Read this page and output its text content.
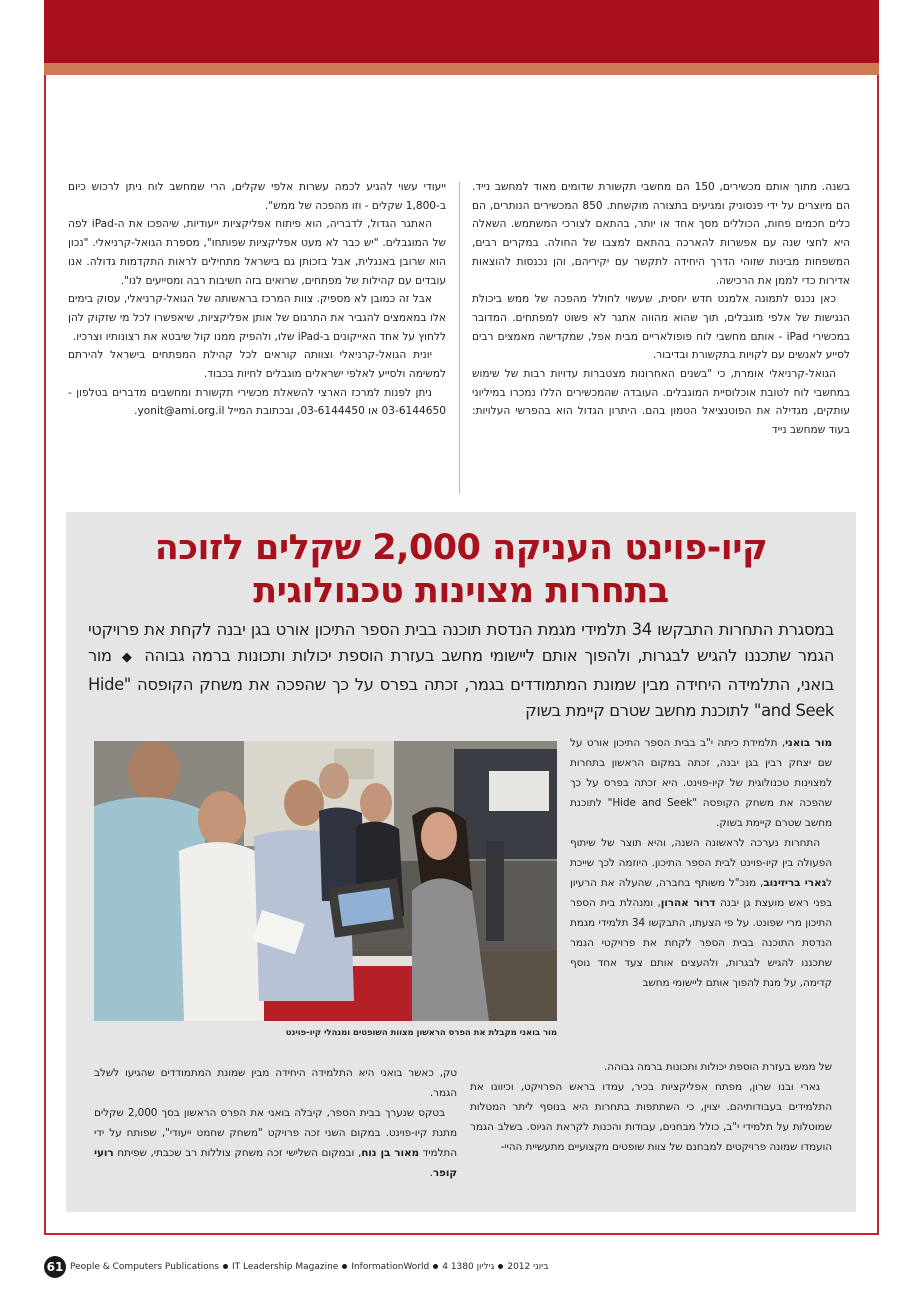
בשנה. מתוך אותם מכשירים, 150 הם מחשבי תקשורת שדומים מאוד למחשב נייד. הם מיוצרים על ידי פנסוניק ומגיעים בתצורה מוקשחת. 850 המכשירים הנותרים, הם כלים חכמים פחות, הכוללים מסך אחד או יותר, בהתאם לצורכי המשתמש. השאלה היא לחצי שנה עם אפשרות להארכה בהתאם למצבו של החולה. במקרים רבים, המשפחות מבינות שזוהי הדרך היחידה לתקשר עם יקיריהם, והן נכנסות להוצאות אדירות כדי לממן את הרכישה.

כאן נכנס לתמונה אלמנט חדש יחסית, שעשוי לחולל מהפכה של ממש ביכולת הנגישות של אלפי מוגבלים, תוך שהוא מהווה אתגר לא פשוט למפתחים. המדובר במכשירי iPad - אותם מחשבי לוח פופולאריים מבית אפל, שמקדישה מאמצים רבים לסייע לאנשים עם לקויות בתקשורת ובדיבור.

הגואל-קרניאלי אומרת, כי "בשנים האחרונות מצטברות עדויות רבות של שימוש במחשבי לוח לטובת אוכלוסיית המוגבלים. העובדה שהמכשירים הללו נמכרו במיליוני עותקים, מגדילה את הפוטנציאל הטמון בהם. היתרון הגדול הוא בהפרשי העלויות: בעוד שמחשב נייד

ייעודי עשוי להגיע לכמה עשרות אלפי שקלים, הרי שמחשב לוח ניתן לרכוש כיום ב-1,800 שקלים - וזו מהפכה של ממש".

האתגר הגדול, לדבריה, הוא פיתוח אפליקציות ייעודיות, שיהפכו את ה-iPad לפה של המוגבלים. "יש כבר לא מעט אפליקציות שפותחו", מספרת הגואל-קרניאלי. "נכון הוא שרובן באנגלית, אבל בזכותן גם בישראל מתחילים לראות התקדמות גדולה. אנו עובדים עם קהילות של מפתחים, שרואים בזה חשיבות רבה ומסייעים לנו".

אבל זה כמובן לא מספיק. צוות המרכז בראשותה של הגואל-קרניאלי, עסוק בימים אלו במאמצים להגביר את התרגום של אותן אפליקציות, שיאפשרו לכל מי שזקוק להן ללחוץ על אחד האייקונים ב-iPad שלו, ולהפיק ממנו קול שיבטא את רצונותיו וצרכיו.

יונית הגואל-קרניאלי וצוותה קוראים לכל קהילת המפתחים בישראל להירתם למשימה ולסייע לאלפי ישראלים מוגבלים לחיות בכבוד.

ניתן לפנות למרכז הארצי להשאלת מכשירי תקשורת ומחשבים מדברים בטלפון - 03-6144650 או 03-6144450, ובכתובת המייל yonit@ami.org.il.

קיו-פוינט העניקה 2,000 שקלים לזוכה
בתחרות מצוינות טכנולוגית
במסגרת התחרות התבקשו 34 תלמידי מגמת הנדסת תוכנה בבית הספר התיכון אורט בגן יבנה לקחת את פרויקטי הגמר שתכננו להגיש לבגרות, ולהפוך אותם ליישומי מחשב בעזרת הוספת יכולות ותכונות ברמה גבוהה ◆ מור בואני, התלמידה היחידה מבין שמונת המתמודדים בגמר, זכתה בפרס על כך שהפכה את משחק הקופסה "Hide and Seek" לתוכנת מחשב שטרם קיימת בשוק
מור בואני מקבלת את הפרס הראשון מצוות השופטים ומנהלי קיו-פוינט

מור בואני, תלמידת כיתה י"ב בבית הספר התיכון אורט על שם יצחק רבין בגן יבנה, זכתה במקום הראשון בתחרות למצוינות טכנולוגית של קיו-פוינט. היא זכתה בפרס על כך שהפכה את משחק הקופסה "Hide and Seek" לתוכנת מחשב שטרם קיימת בשוק.

התחרות נערכה לראשונה השנה, והיא תוצר של שיתוף הפעולה בין קיו-פוינט לבית הספר התיכון. היוזמה לכך שייכת לגארי בריזינוב, מנכ"ל משותף בחברה, שהעלה את הרעיון בפני ראש מועצת גן יבנה דרור אהרון, ומנהלת בית הספר התיכון מרי שפונט. על פי הצעתו, התבקשו 34 תלמידי מגמת הנדסת התוכנה בבית הספר לקחת את פרויקטי הגמר שתכננו להגיש לבגרות, ולהעצים אותם צעד אחד נוסף קדימה, על מנת להפוך אותם ליישומי מחשב

של ממש בעזרת הוספת יכולות ותכונות ברמה גבוהה.

גארי ובנו שרון, מפתח אפליקציות בכיר, עמדו בראש הפרויקט, וכיוונו את התלמידים בעבודותיהם. יצוין, כי השתתפות בתחרות היא בנוסף ליתר המטלות שמוטלות על תלמידי י"ב, כולל מבחנים, עבודות והכנות לקראת הגיוס. בשלב הגמר הועמדו שמונה פרויקטים למבחנם של צוות שופטים מקצועיים מתעשיית ההיי-

טק, כאשר בואני היא התלמידה היחידה מבין שמונת המתמודדים שהגיעו לשלב הגמר.

בטקס שנערך בבית הספר, קיבלה בואני את הפרס הראשון בסך 2,000 שקלים מתנת קיו-פוינט. במקום השני זכה פרויקט "משחק שחמט ייעודי", שפותח על ידי התלמיד מאור בן נוח, ובמקום השלישי זכה משחק צוללות רב שכבתי, שפיתח רועי קופר.

61 People & Computers Publications IT Leadership Magazine InformationWorld 4 ביוני 2012גיליון 1380
